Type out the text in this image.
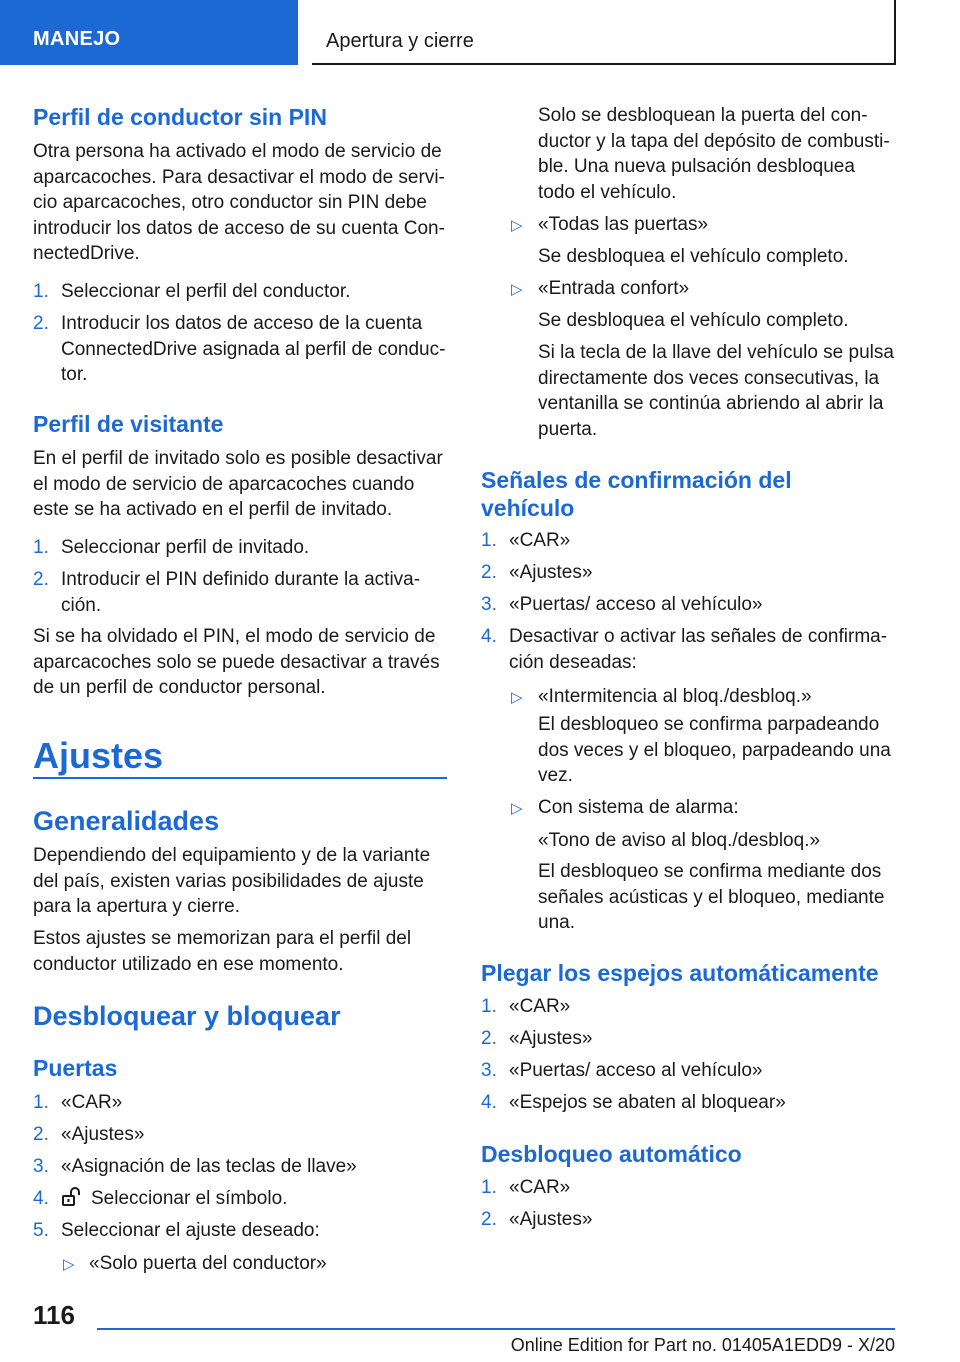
MANEJO	Apertura y cierre
Perfil de conductor sin PIN
Otra persona ha activado el modo de servicio de
aparcacoches. Para desactivar el modo de servi-
cio aparcacoches, otro conductor sin PIN debe
introducir los datos de acceso de su cuenta Con-
nectedDrive.
1. Seleccionar el perfil del conductor.
2. Introducir los datos de acceso de la cuenta
ConnectedDrive asignada al perfil de conduc-
tor.
Perfil de visitante
En el perfil de invitado solo es posible desactivar
el modo de servicio de aparcacoches cuando
este se ha activado en el perfil de invitado.
1. Seleccionar perfil de invitado.
2. Introducir el PIN definido durante la activa-
ción.
Si se ha olvidado el PIN, el modo de servicio de
aparcacoches solo se puede desactivar a través
de un perfil de conductor personal.
Ajustes
Generalidades
Dependiendo del equipamiento y de la variante
del país, existen varias posibilidades de ajuste
para la apertura y cierre.
Estos ajustes se memorizan para el perfil del
conductor utilizado en ese momento.
Desbloquear y bloquear
Puertas
1. «CAR»
2. «Ajustes»
3. «Asignación de las teclas de llave»
4.	Seleccionar el símbolo.
5. Seleccionar el ajuste deseado:
▷ «Solo puerta del conductor»
Solo se desbloquean la puerta del con-
ductor y la tapa del depósito de combusti-
ble. Una nueva pulsación desbloquea
todo el vehículo.
▷ «Todas las puertas»
Se desbloquea el vehículo completo.
▷ «Entrada confort»
Se desbloquea el vehículo completo.
Si la tecla de la llave del vehículo se pulsa
directamente dos veces consecutivas, la
ventanilla se continúa abriendo al abrir la
puerta.
Señales de confirmación del
vehículo
1. «CAR»
2. «Ajustes»
3. «Puertas/ acceso al vehículo»
4. Desactivar o activar las señales de confirma-
ción deseadas:
▷ «Intermitencia al bloq./desbloq.»
El desbloqueo se confirma parpadeando
dos veces y el bloqueo, parpadeando una
vez.
▷ Con sistema de alarma:
«Tono de aviso al bloq./desbloq.»
El desbloqueo se confirma mediante dos
señales acústicas y el bloqueo, mediante
una.
Plegar los espejos automáticamente
1. «CAR»
2. «Ajustes»
3. «Puertas/ acceso al vehículo»
4. «Espejos se abaten al bloquear»
Desbloqueo automático
1. «CAR»
2. «Ajustes»
116
Online Edition for Part no. 01405A1EDD9 - X/20
